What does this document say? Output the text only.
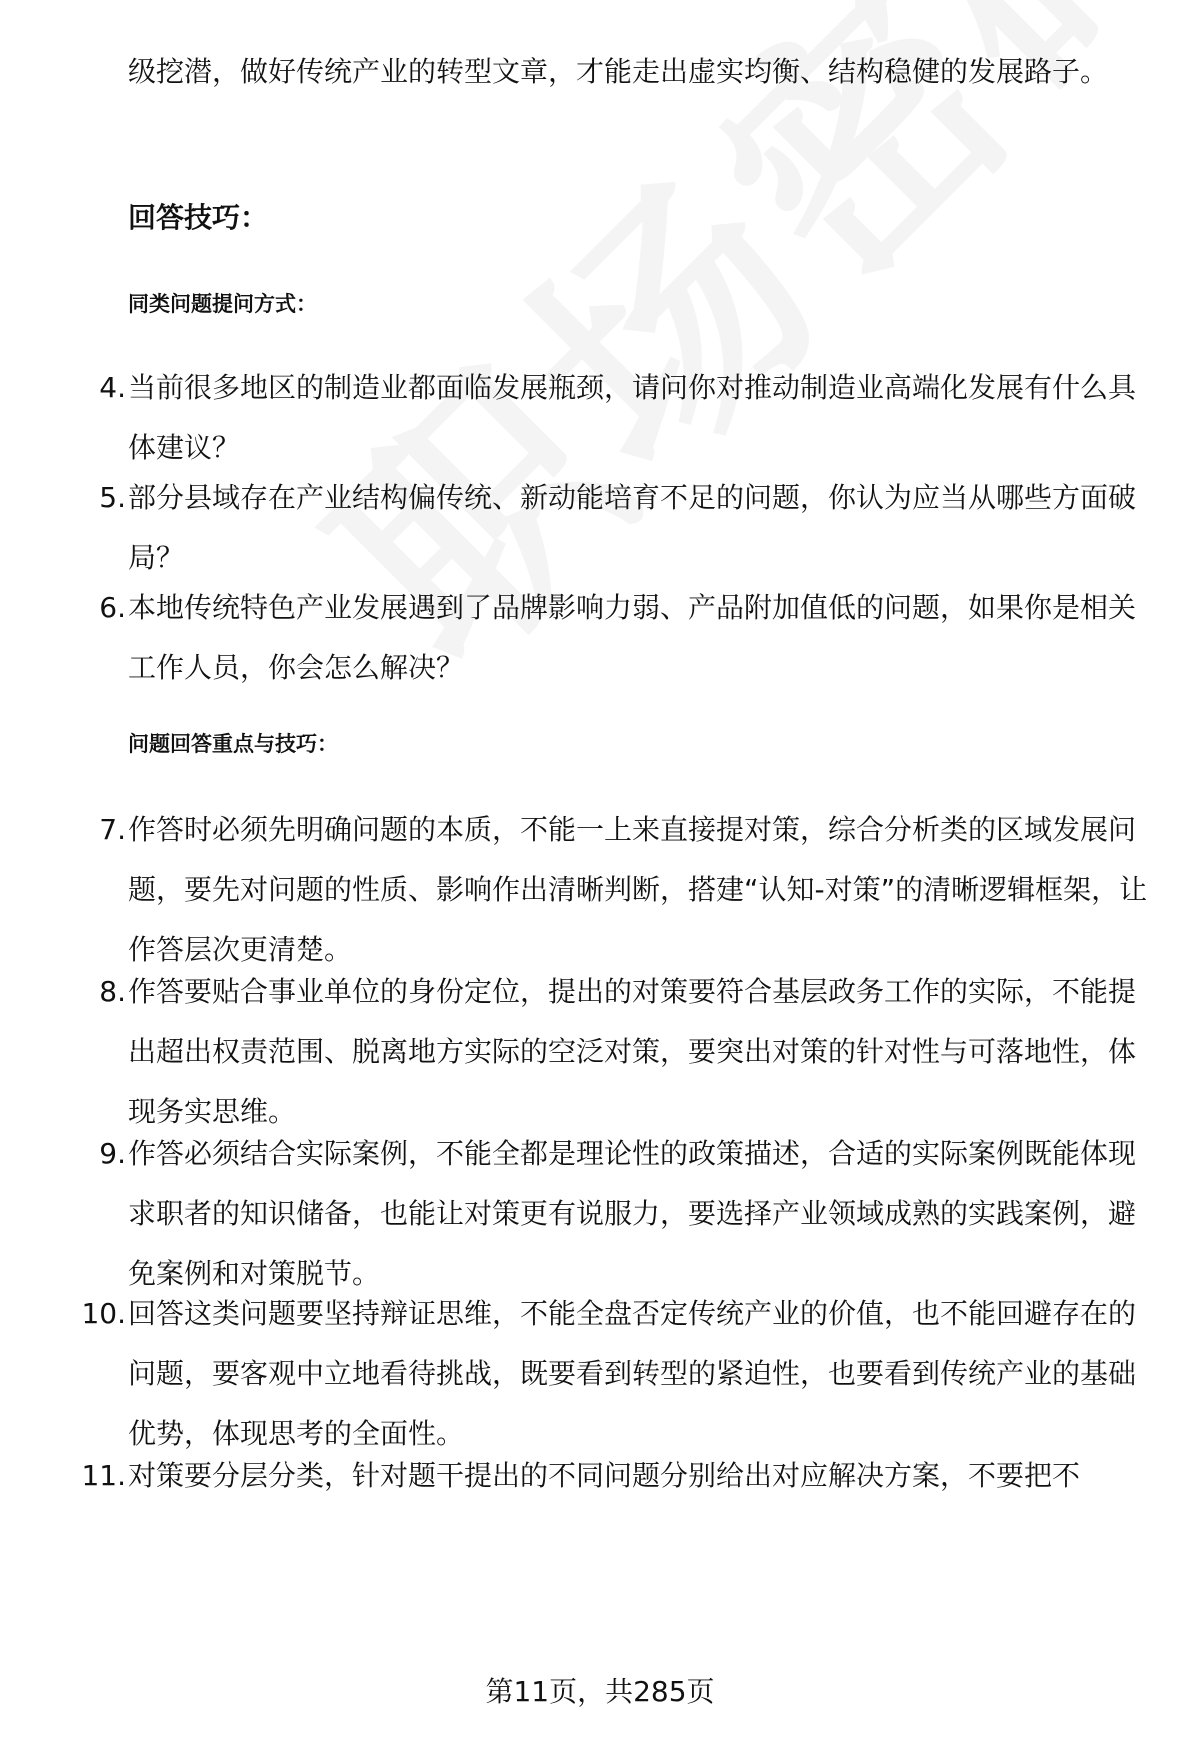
级挖潜，做好传统产业的转型文章，才能走出虚实均衡、结构稳健的发展路子。
回答技巧：
同类问题提问方式：
4. 当前很多地区的制造业都面临发展瓶颈，请问你对推动制造业高端化发展有什么具体建议？
5. 部分县域存在产业结构偏传统、新动能培育不足的问题，你认为应当从哪些方面破局？
6. 本地传统特色产业发展遇到了品牌影响力弱、产品附加值低的问题，如果你是相关工作人员，你会怎么解决？
问题回答重点与技巧：
7. 作答时必须先明确问题的本质，不能一上来直接提对策，综合分析类的区域发展问题，要先对问题的性质、影响作出清晰判断，搭建“认知-对策”的清晰逻辑框架，让作答层次更清楚。
8. 作答要贴合事业单位的身份定位，提出的对策要符合基层政务工作的实际，不能提出超出权责范围、脱离地方实际的空泛对策，要突出对策的针对性与可落地性，体现务实思维。
9. 作答必须结合实际案例，不能全都是理论性的政策描述，合适的实际案例既能体现求职者的知识储备，也能让对策更有说服力，要选择产业领域成熟的实践案例，避免案例和对策脱节。
10. 回答这类问题要坚持辩证思维，不能全盘否定传统产业的价值，也不能回避存在的问题，要客观中立地看待挑战，既要看到转型的紧迫性，也要看到传统产业的基础优势，体现思考的全面性。
11. 对策要分层分类，针对题干提出的不同问题分别给出对应解决方案，不要把不
第11页，共285页
